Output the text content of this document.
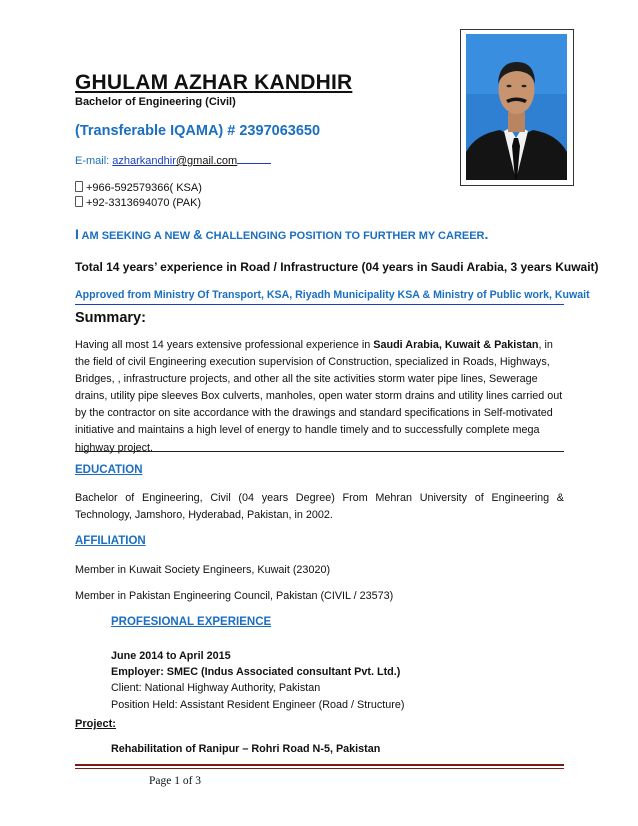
GHULAM AZHAR KANDHIR
Bachelor of Engineering (Civil)
(Transferable IQAMA) # 2397063650
E-mail: azharkandhir@gmail.com
+966-592579366( KSA)
+92-3313694070 (PAK)
I AM SEEKING A NEW & CHALLENGING POSITION TO FURTHER MY CAREER.
Total 14 years’ experience in Road / Infrastructure (04 years in Saudi Arabia, 3 years Kuwait)
Approved from Ministry Of Transport, KSA, Riyadh Municipality KSA & Ministry of Public work, Kuwait
Summary:
Having all most 14 years extensive professional experience in Saudi Arabia, Kuwait & Pakistan, in the field of civil Engineering execution supervision of Construction, specialized in Roads, Highways, Bridges, , infrastructure projects, and other all the site activities storm water pipe lines, Sewerage drains, utility pipe sleeves Box culverts, manholes, open water storm drains and utility lines carried out by the contractor on site accordance with the drawings and standard specifications in Self-motivated initiative and maintains a high level of energy to handle timely and to successfully complete mega highway project.
EDUCATION
Bachelor of Engineering, Civil (04 years Degree) From Mehran University of Engineering & Technology, Jamshoro, Hyderabad, Pakistan, in 2002.
AFFILIATION
Member in Kuwait Society Engineers, Kuwait (23020)
Member in Pakistan Engineering Council, Pakistan (CIVIL / 23573)
PROFESIONAL EXPERIENCE
June 2014 to April 2015
Employer: SMEC (Indus Associated consultant Pvt. Ltd.)
Client: National Highway Authority, Pakistan
Position Held: Assistant Resident Engineer (Road / Structure)
Project:
Rehabilitation of Ranipur – Rohri Road N-5, Pakistan
Page 1 of 3
